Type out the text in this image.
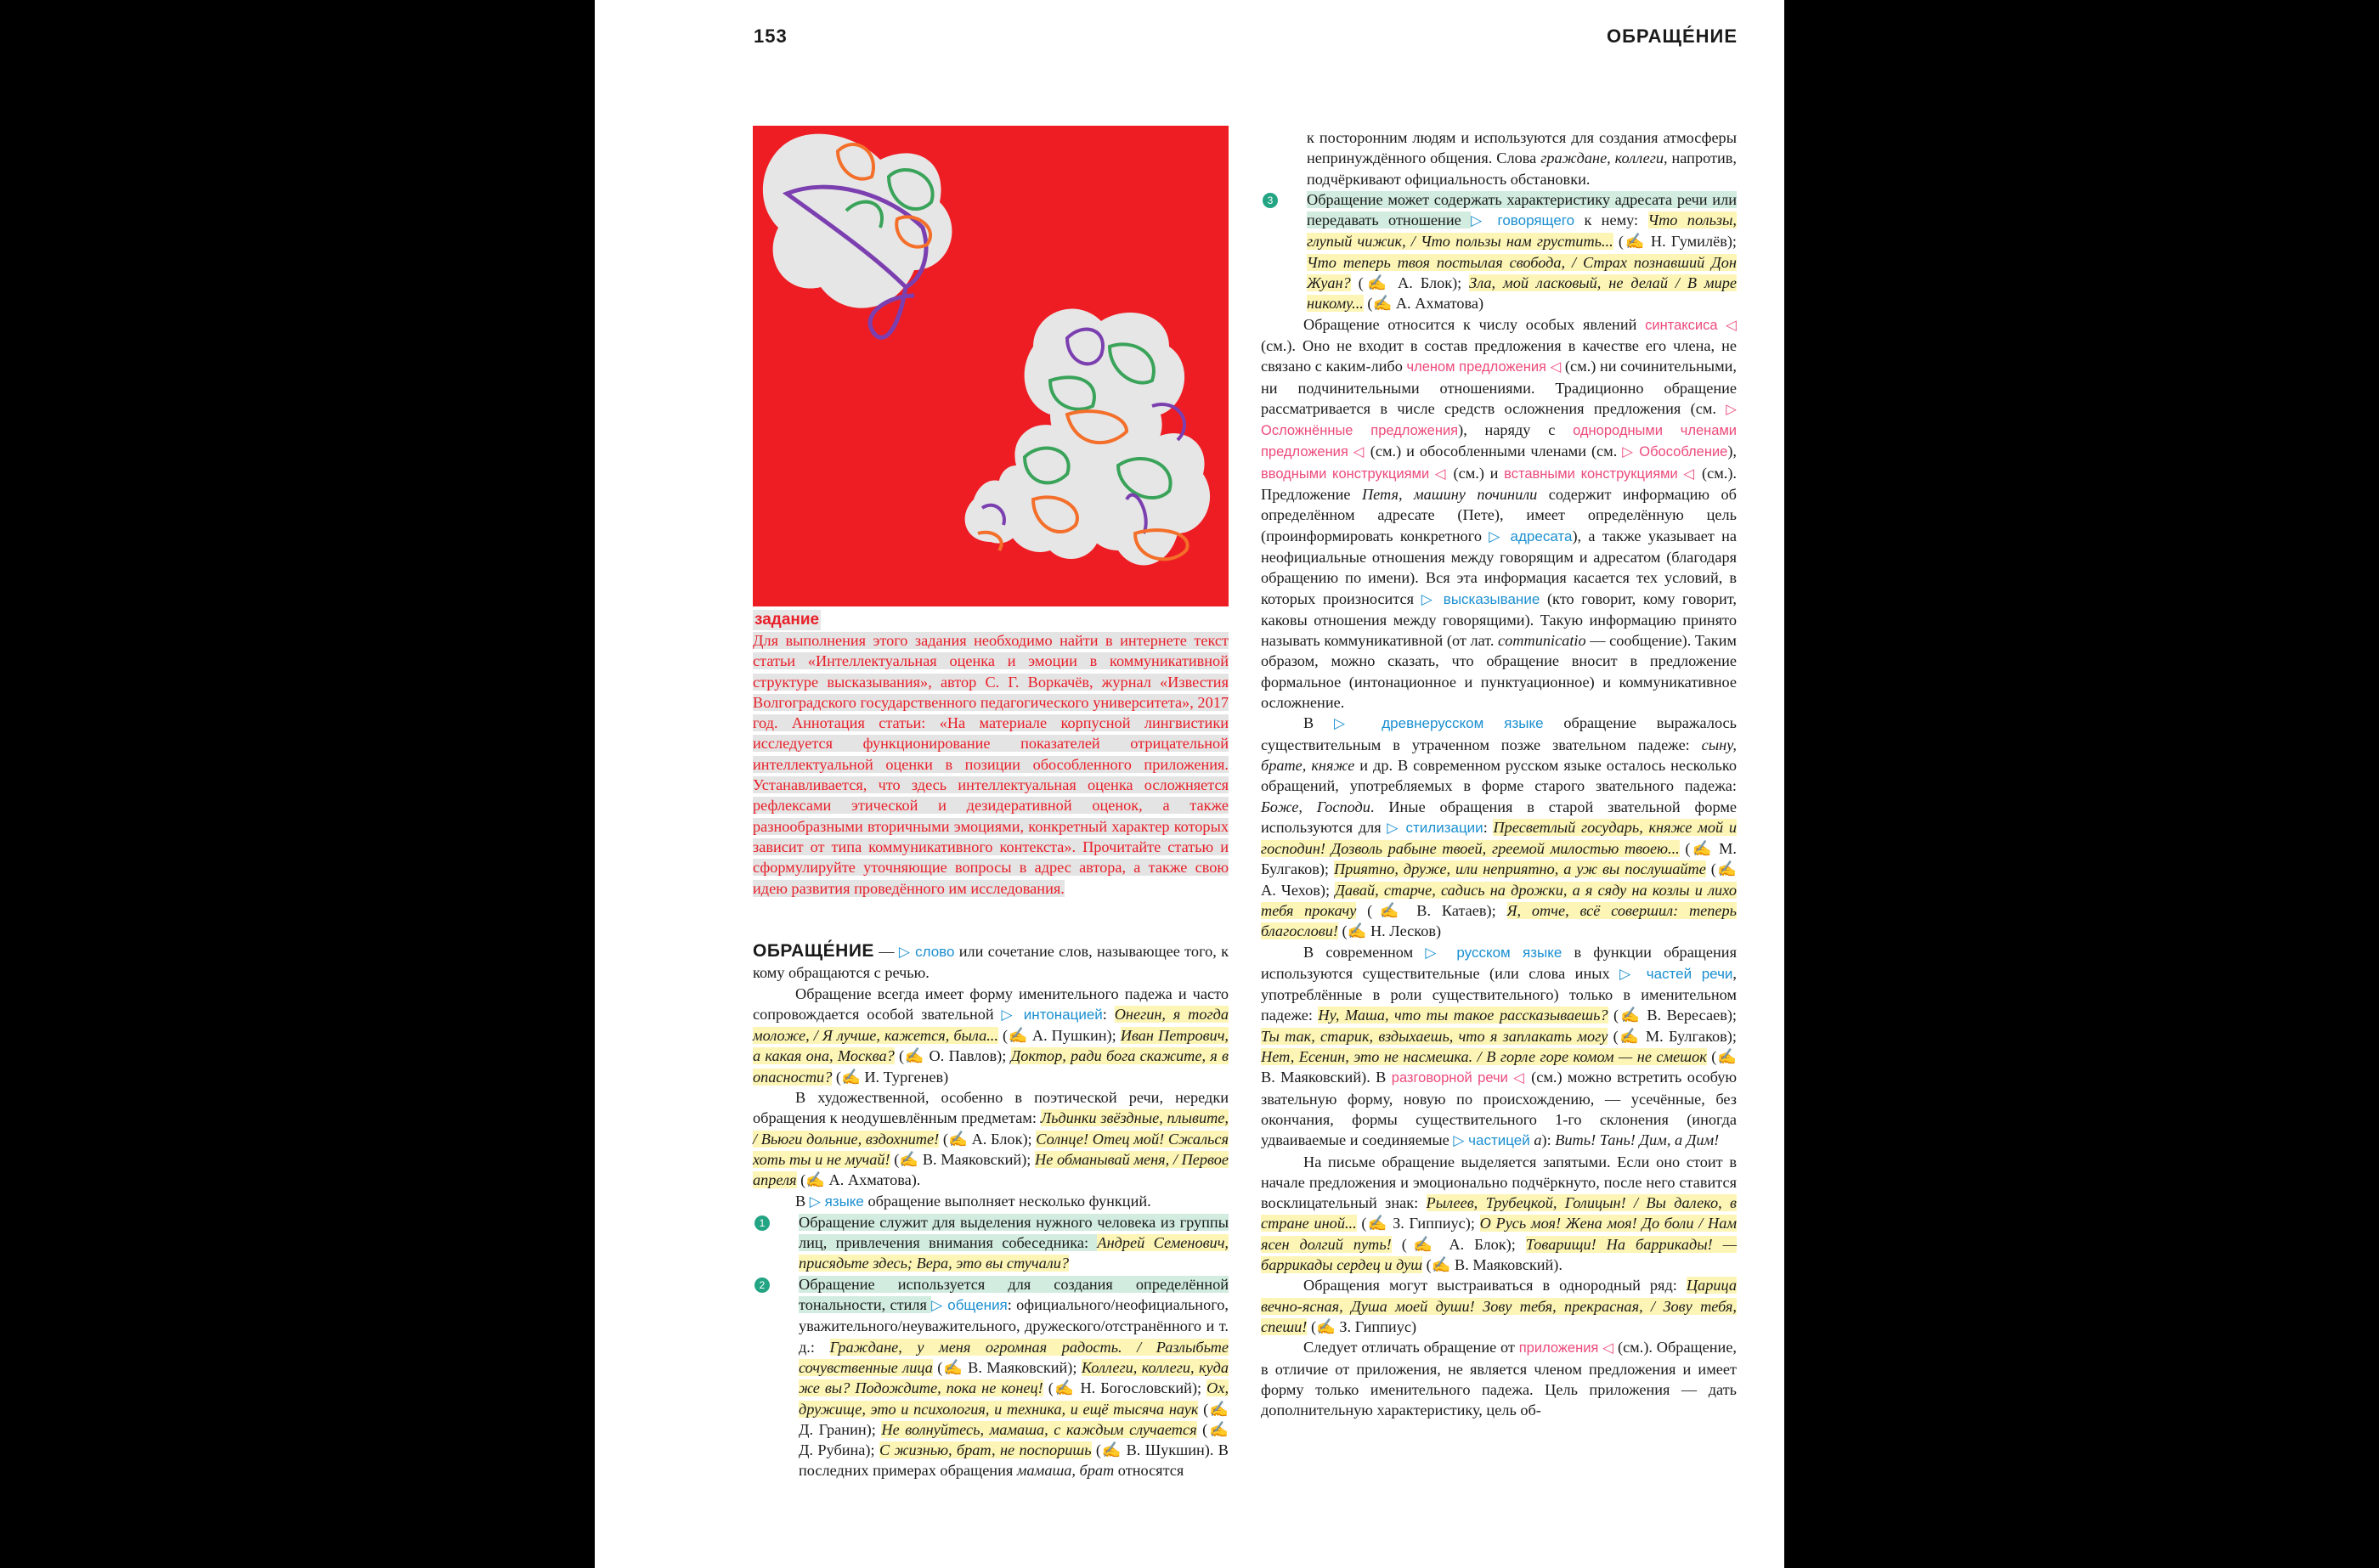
153	ОБРАЩЕ́НИЕ
задание
Для выполнения этого задания необходимо найти в интернете текст статьи «Интеллектуальная оценка и эмоции в коммуникативной структуре высказывания», автор С. Г. Воркачёв, журнал «Известия Волгоградского государственного педагогического университета», 2017 год. Аннотация статьи: «На материале корпусной лингвистики исследуется функционирование показателей отрицательной интеллектуальной оценки в позиции обособленного приложения. Устанавливается, что здесь интеллектуальная оценка осложняется рефлексами этической и дезидеративной оценок, а также разнообразными вторичными эмоциями, конкретный характер которых зависит от типа коммуникативного контекста». Прочитайте статью и сформулируйте уточняющие вопросы в адрес автора, а также свою идею развития проведённого им исследования.

ОБРАЩЕ́НИЕ — ▷ слово или сочетание слов, называющее того, к кому обращаются с речью.

Обращение всегда имеет форму именительного падежа и часто сопровождается особой звательной ▷ интонацией: Онегин, я тогда моложе, / Я лучше, кажется, была... (✍ А. Пушкин); Иван Петрович, а какая она, Москва? (✍ О. Павлов); Доктор, ради бога скажите, я в опасности? (✍ И. Тургенев)

В художественной, особенно в поэтической речи, нередки обращения к неодушевлённым предметам: Льдинки звёздные, плывите, / Вьюги дольние, вздохните! (✍ А. Блок); Солнце! Отец мой! Сжалься хоть ты и не мучай! (✍ В. Маяковский); Не обманывай меня, / Первое апреля (✍ А. Ахматова).

В ▷ языке обращение выполняет несколько функций.

1	Обращение служит для выделения нужного человека из группы лиц, привлечения внимания собеседника: Андрей Семенович, присядьте здесь; Вера, это вы стучали?

2	Обращение используется для создания определённой тональности, стиля ▷ общения: официального/неофициального, уважительного/неуважительного, дружеского/отстранённого и т. д.: Граждане, у меня огромная радость. / Разлыбьте сочувственные лица (✍ В. Маяковский); Коллеги, коллеги, куда же вы? Подождите, пока не конец! (✍ Н. Богословский); Ох, дружище, это и психология, и техника, и ещё тысяча наук (✍ Д. Гранин); Не волнуйтесь, мамаша, с каждым случается (✍ Д. Рубина); С жизнью, брат, не поспоришь (✍ В. Шукшин). В последних примерах обращения мамаша, брат относятся

к посторонним людям и используются для создания атмосферы непринуждённого общения. Слова граждане, коллеги, напротив, подчёркивают официальность обстановки.

3	Обращение может содержать характеристику адресата речи или передавать отношение ▷ говорящего к нему: Что пользы, глупый чижик, / Что пользы нам грустить... (✍ Н. Гумилёв); Что теперь твоя постылая свобода, / Страх познавший Дон Жуан? (✍ А. Блок); Зла, мой ласковый, не делай / В мире никому... (✍ А. Ахматова)

Обращение относится к числу особых явлений синтаксиса ◁ (см.). Оно не входит в состав предложения в качестве его члена, не связано с каким-либо членом предложения ◁ (см.) ни сочинительными, ни подчинительными отношениями. Традиционно обращение рассматривается в числе средств осложнения предложения (см. ▷ Осложнённые предложения), наряду с однородными членами предложения ◁ (см.) и обособленными членами (см. ▷ Обособление), вводными конструкциями ◁ (см.) и вставными конструкциями ◁ (см.). Предложение Петя, машину починили содержит информацию об определённом адресате (Пете), имеет определённую цель (проинформировать конкретного ▷ адресата), а также указывает на неофициальные отношения между говорящим и адресатом (благодаря обращению по имени). Вся эта информация касается тех условий, в которых произносится ▷ высказывание (кто говорит, кому говорит, каковы отношения между говорящими). Такую информацию принято называть коммуникативной (от лат. communicatio — сообщение). Таким образом, можно сказать, что обращение вносит в предложение формальное (интонационное и пунктуационное) и коммуникативное осложнение.

В ▷ древнерусском языке обращение выражалось существительным в утраченном позже звательном падеже: сыну, брате, княже и др. В современном русском языке осталось несколько обращений, употребляемых в форме старого звательного падежа: Боже, Господи. Иные обращения в старой звательной форме используются для ▷ стилизации: Пресветлый государь, княже мой и господин! Дозволь рабыне твоей, греемой милостью твоею... (✍ М. Булгаков); Приятно, друже, или неприятно, а уж вы послушайте (✍ А. Чехов); Давай, старче, садись на дрожки, а я сяду на козлы и лихо тебя прокачу (✍ В. Катаев); Я, отче, всё совершил: теперь благослови! (✍ Н. Лесков)

В современном ▷ русском языке в функции обращения используются существительные (или слова иных ▷ частей речи, употреблённые в роли существительного) только в именительном падеже: Ну, Маша, что ты такое рассказываешь? (✍ В. Вересаев); Ты так, старик, вздыхаешь, что я заплакать могу (✍ М. Булгаков); Нет, Есенин, это не насмешка. / В горле горе комом — не смешок (✍ В. Маяковский). В разговорной речи ◁ (см.) можно встретить особую звательную форму, новую по происхождению, — усечённые, без окончания, формы существительного 1-го склонения (иногда удваиваемые и соединяемые ▷ частицей а): Вить! Тань! Дим, а Дим!

На письме обращение выделяется запятыми. Если оно стоит в начале предложения и эмоционально подчёркнуто, после него ставится восклицательный знак: Рылеев, Трубецкой, Голицын! / Вы далеко, в стране иной... (✍ З. Гиппиус); О Русь моя! Жена моя! До боли / Нам ясен долгий путь! (✍ А. Блок); Товарищи! На баррикады! — баррикады сердец и душ (✍ В. Маяковский).

Обращения могут выстраиваться в однородный ряд: Царица вечно-ясная, Душа моей души! Зову тебя, прекрасная, / Зову тебя, спеши! (✍ З. Гиппиус)

Следует отличать обращение от приложения ◁ (см.). Обращение, в отличие от приложения, не является членом предложения и имеет форму только именительного падежа. Цель приложения — дать дополнительную характеристику, цель об-
